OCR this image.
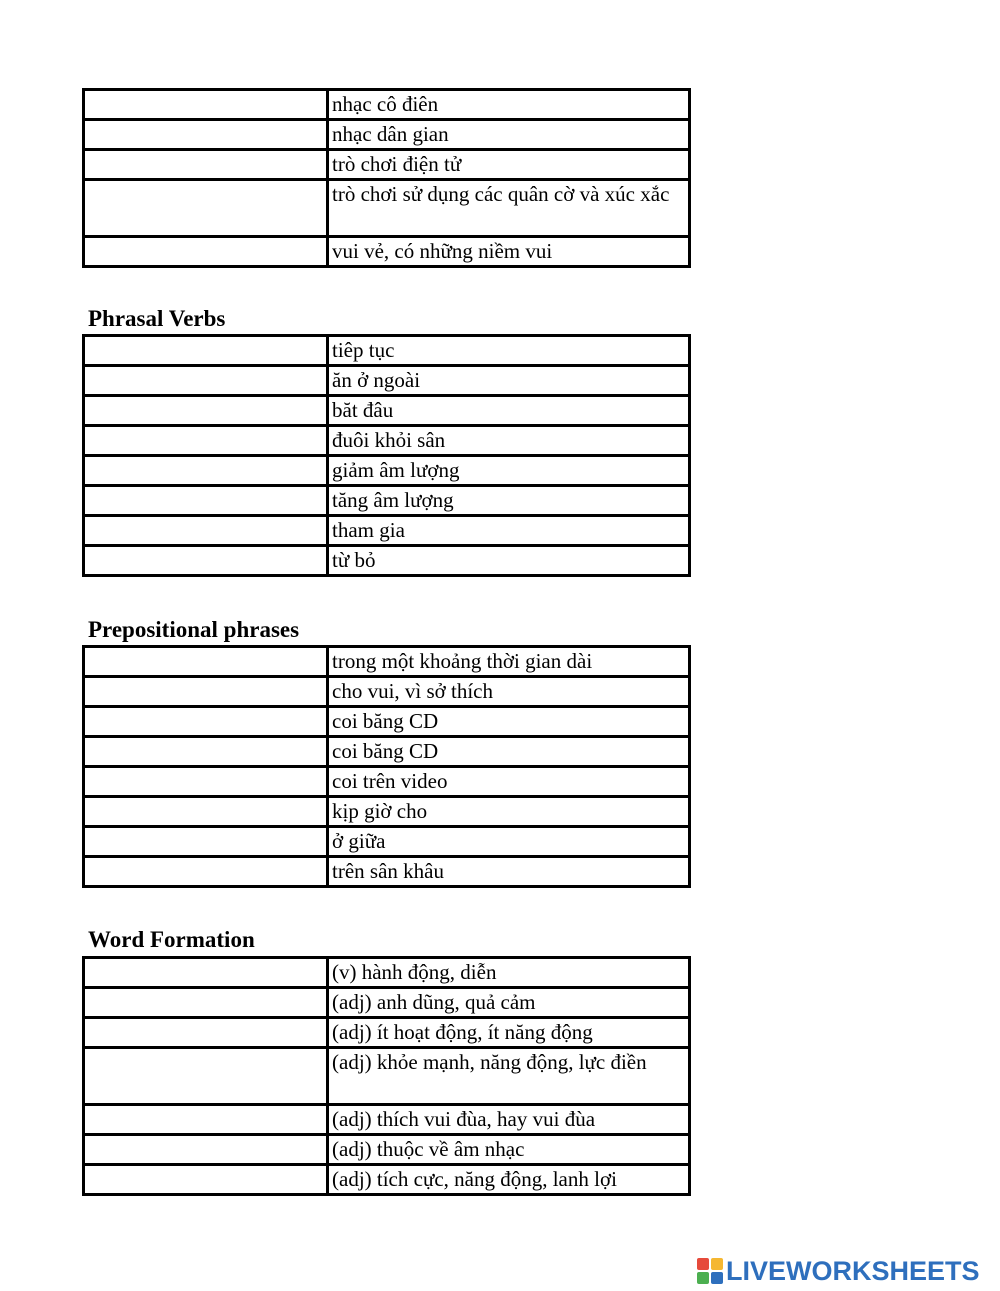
	nhạc cô điên
	nhạc dân gian
	trò chơi điện tử
	trò chơi sử dụng các quân cờ và xúc xắc
	vui vẻ, có những niềm vui
Phrasal Verbs
	tiêp tục
	ăn ở ngoài
	băt đâu
	đuôi khỏi sân
	giảm âm lượng
	tăng âm lượng
	tham gia
	từ bỏ
Prepositional phrases
	trong một khoảng thời gian dài
	cho vui, vì sở thích
	coi băng CD
	coi băng CD
	coi trên video
	kịp giờ cho
	ở giữa
	trên sân khâu
Word Formation
	(v) hành động, diễn
	(adj) anh dũng, quả cảm
	(adj) ít hoạt động, ít năng động
	(adj) khỏe mạnh, năng động, lực điền
	(adj) thích vui đùa, hay vui đùa
	(adj) thuộc về âm nhạc
	(adj) tích cực, năng động, lanh lợi
LIVEWORKSHEETS
